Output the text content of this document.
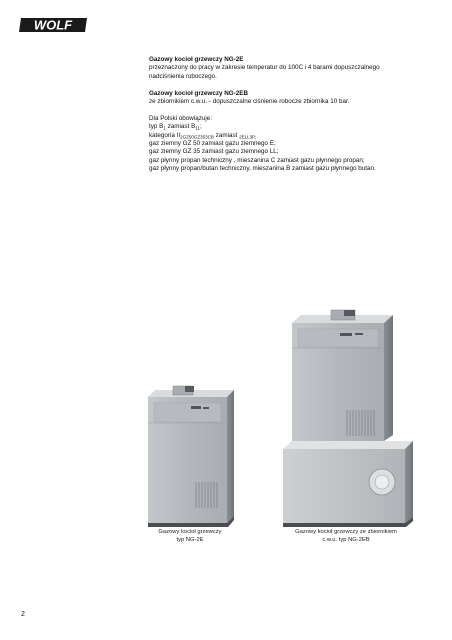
WOLF

Gazowy kocioł grzewczy NG-2E

przeznaczony do pracy w zakresie temperatur do 100C i 4 barami dopuszczalnego

nadciśnienia roboczego.

Gazowy kocioł grzewczy NG-2EB

ze zbiornikiem c.w.u. - dopuszczalne ciśnienie robocze zbiornika 10 bar.

Dla Polski obowiązuje:

typ $B_1$ zamiast $B_{11}$;

kategoria $II_{2GZ50GZ353CB}$ zamiast $_{2ELL3P;}$

gaz ziemny GZ 50 zamiast gazu ziemnego E;

gaz ziemny GZ 35 zamiast gazu ziemnego LL;

gaz płynny propan techniczny , mieszanina C zamiast gazu płynnego propan;

gaz płynny propan/butan techniczny, mieszanina B zamiast gazu płynnego butan.

Gazowy kocioł grzewczy
typ NG-2E
Gazowy kocioł grzewczy ze zbiornikiem
c.w.u. typ NG-2EB
2
